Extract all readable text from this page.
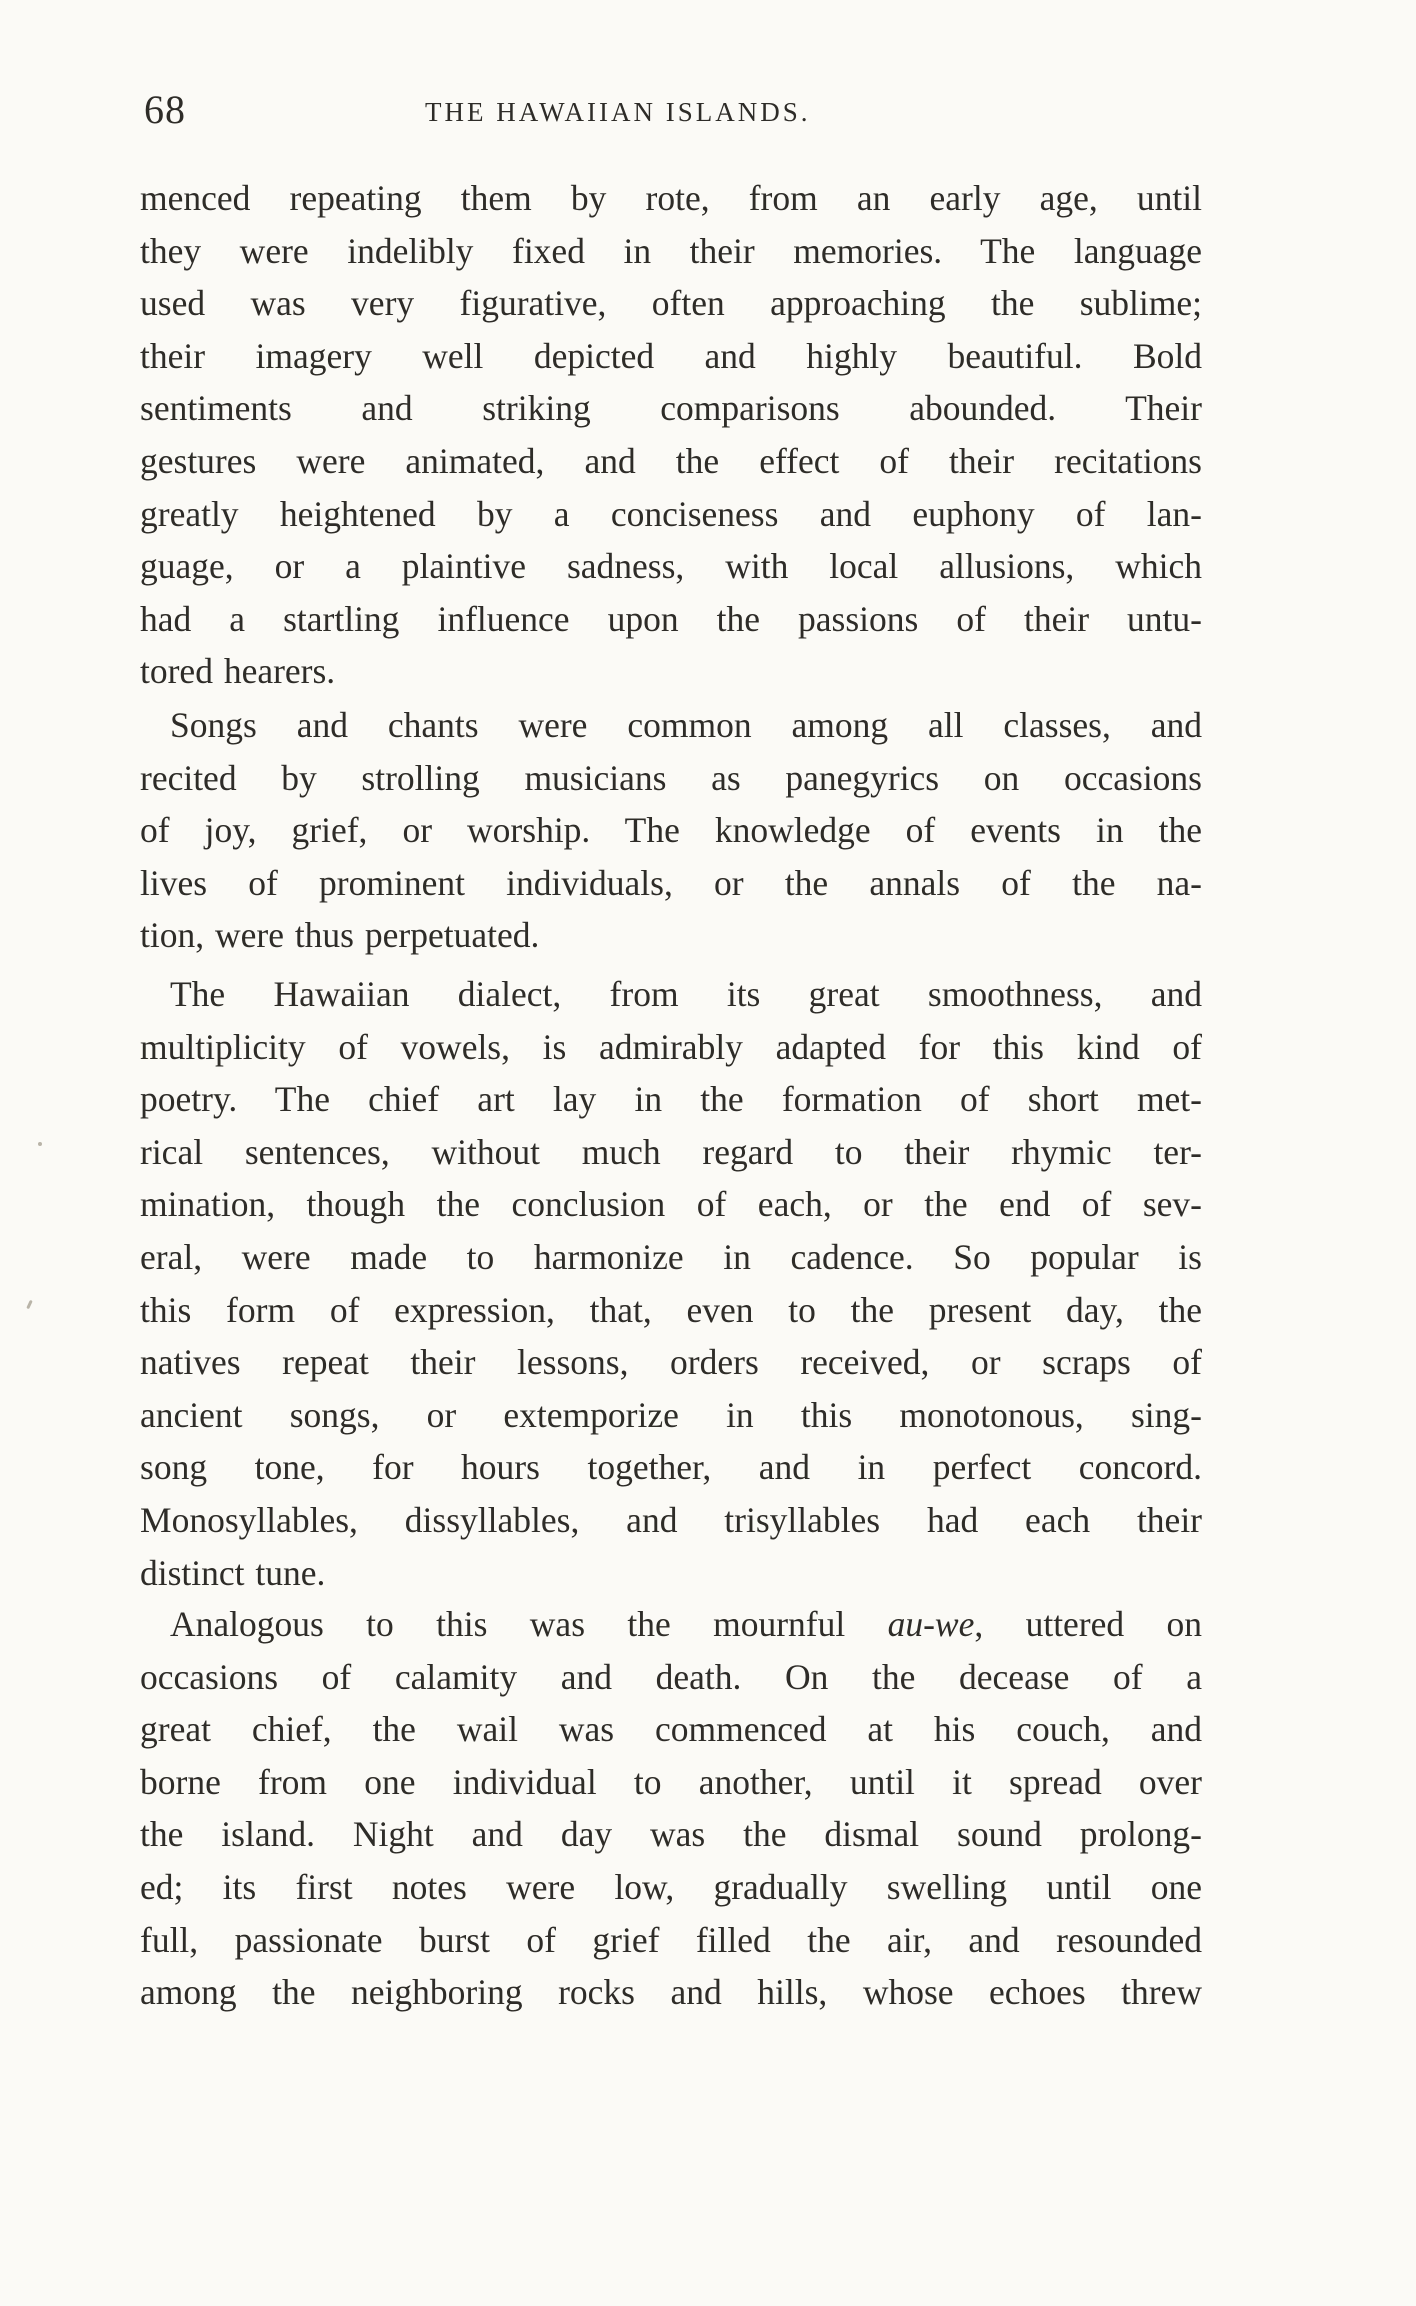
68	THE HAWAIIAN ISLANDS.
menced repeating them by rote, from an early age, until
they were indelibly fixed in their memories. The language
used was very figurative, often approaching the sublime;
their imagery well depicted and highly beautiful. Bold
sentiments and striking comparisons abounded. Their
gestures were animated, and the effect of their recitations
greatly heightened by a conciseness and euphony of lan-
guage, or a plaintive sadness, with local allusions, which
had a startling influence upon the passions of their untu-
tored hearers.
Songs and chants were common among all classes, and
recited by strolling musicians as panegyrics on occasions
of joy, grief, or worship. The knowledge of events in the
lives of prominent individuals, or the annals of the na-
tion, were thus perpetuated.
The Hawaiian dialect, from its great smoothness, and
multiplicity of vowels, is admirably adapted for this kind of
poetry. The chief art lay in the formation of short met-
rical sentences, without much regard to their rhymic ter-
mination, though the conclusion of each, or the end of sev-
eral, were made to harmonize in cadence. So popular is
this form of expression, that, even to the present day, the
natives repeat their lessons, orders received, or scraps of
ancient songs, or extemporize in this monotonous, sing-
song tone, for hours together, and in perfect concord.
Monosyllables, dissyllables, and trisyllables had each their
distinct tune.
Analogous to this was the mournful au-we, uttered on
occasions of calamity and death. On the decease of a
great chief, the wail was commenced at his couch, and
borne from one individual to another, until it spread over
the island. Night and day was the dismal sound prolong-
ed; its first notes were low, gradually swelling until one
full, passionate burst of grief filled the air, and resounded
among the neighboring rocks and hills, whose echoes threw
